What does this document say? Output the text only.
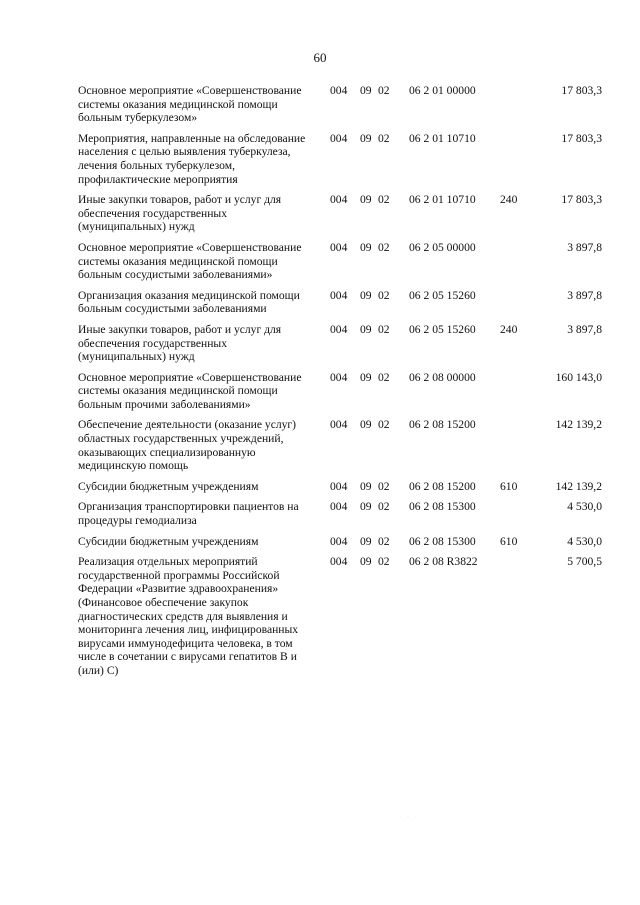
60
Основное мероприятие «Совершенствование системы оказания медицинской помощи больным туберкулезом»
004 09 02 06 2 01 00000	17 803,3
Мероприятия, направленные на обследование населения с целью выявления туберкулеза, лечения больных туберкулезом, профилактические мероприятия
004 09 02 06 2 01 10710	17 803,3
Иные закупки товаров, работ и услуг для обеспечения государственных (муниципальных) нужд
004 09 02 06 2 01 10710 240	17 803,3
Основное мероприятие «Совершенствование системы оказания медицинской помощи больным сосудистыми заболеваниями»
004 09 02 06 2 05 00000	3 897,8
Организация оказания медицинской помощи больным сосудистыми заболеваниями
004 09 02 06 2 05 15260	3 897,8
Иные закупки товаров, работ и услуг для обеспечения государственных (муниципальных) нужд
004 09 02 06 2 05 15260 240	3 897,8
Основное мероприятие «Совершенствование системы оказания медицинской помощи больным прочими заболеваниями»
004 09 02 06 2 08 00000	160 143,0
Обеспечение деятельности (оказание услуг) областных государственных учреждений, оказывающих специализированную медицинскую помощь
004 09 02 06 2 08 15200	142 139,2
Субсидии бюджетным учреждениям	004 09 02 06 2 08 15200 610	142 139,2
Организация транспортировки пациентов на процедуры гемодиализа
004 09 02 06 2 08 15300	4 530,0
Субсидии бюджетным учреждениям	004 09 02 06 2 08 15300 610	4 530,0
Реализация отдельных мероприятий государственной программы Российской Федерации «Развитие здравоохранения» (Финансовое обеспечение закупок диагностических средств для выявления и мониторинга лечения лиц, инфицированных вирусами иммунодефицита человека, в том числе в сочетании с вирусами гепатитов В и (или) С)
004 09 02 06 2 08 R3822	5 700,5
· · · · ·
